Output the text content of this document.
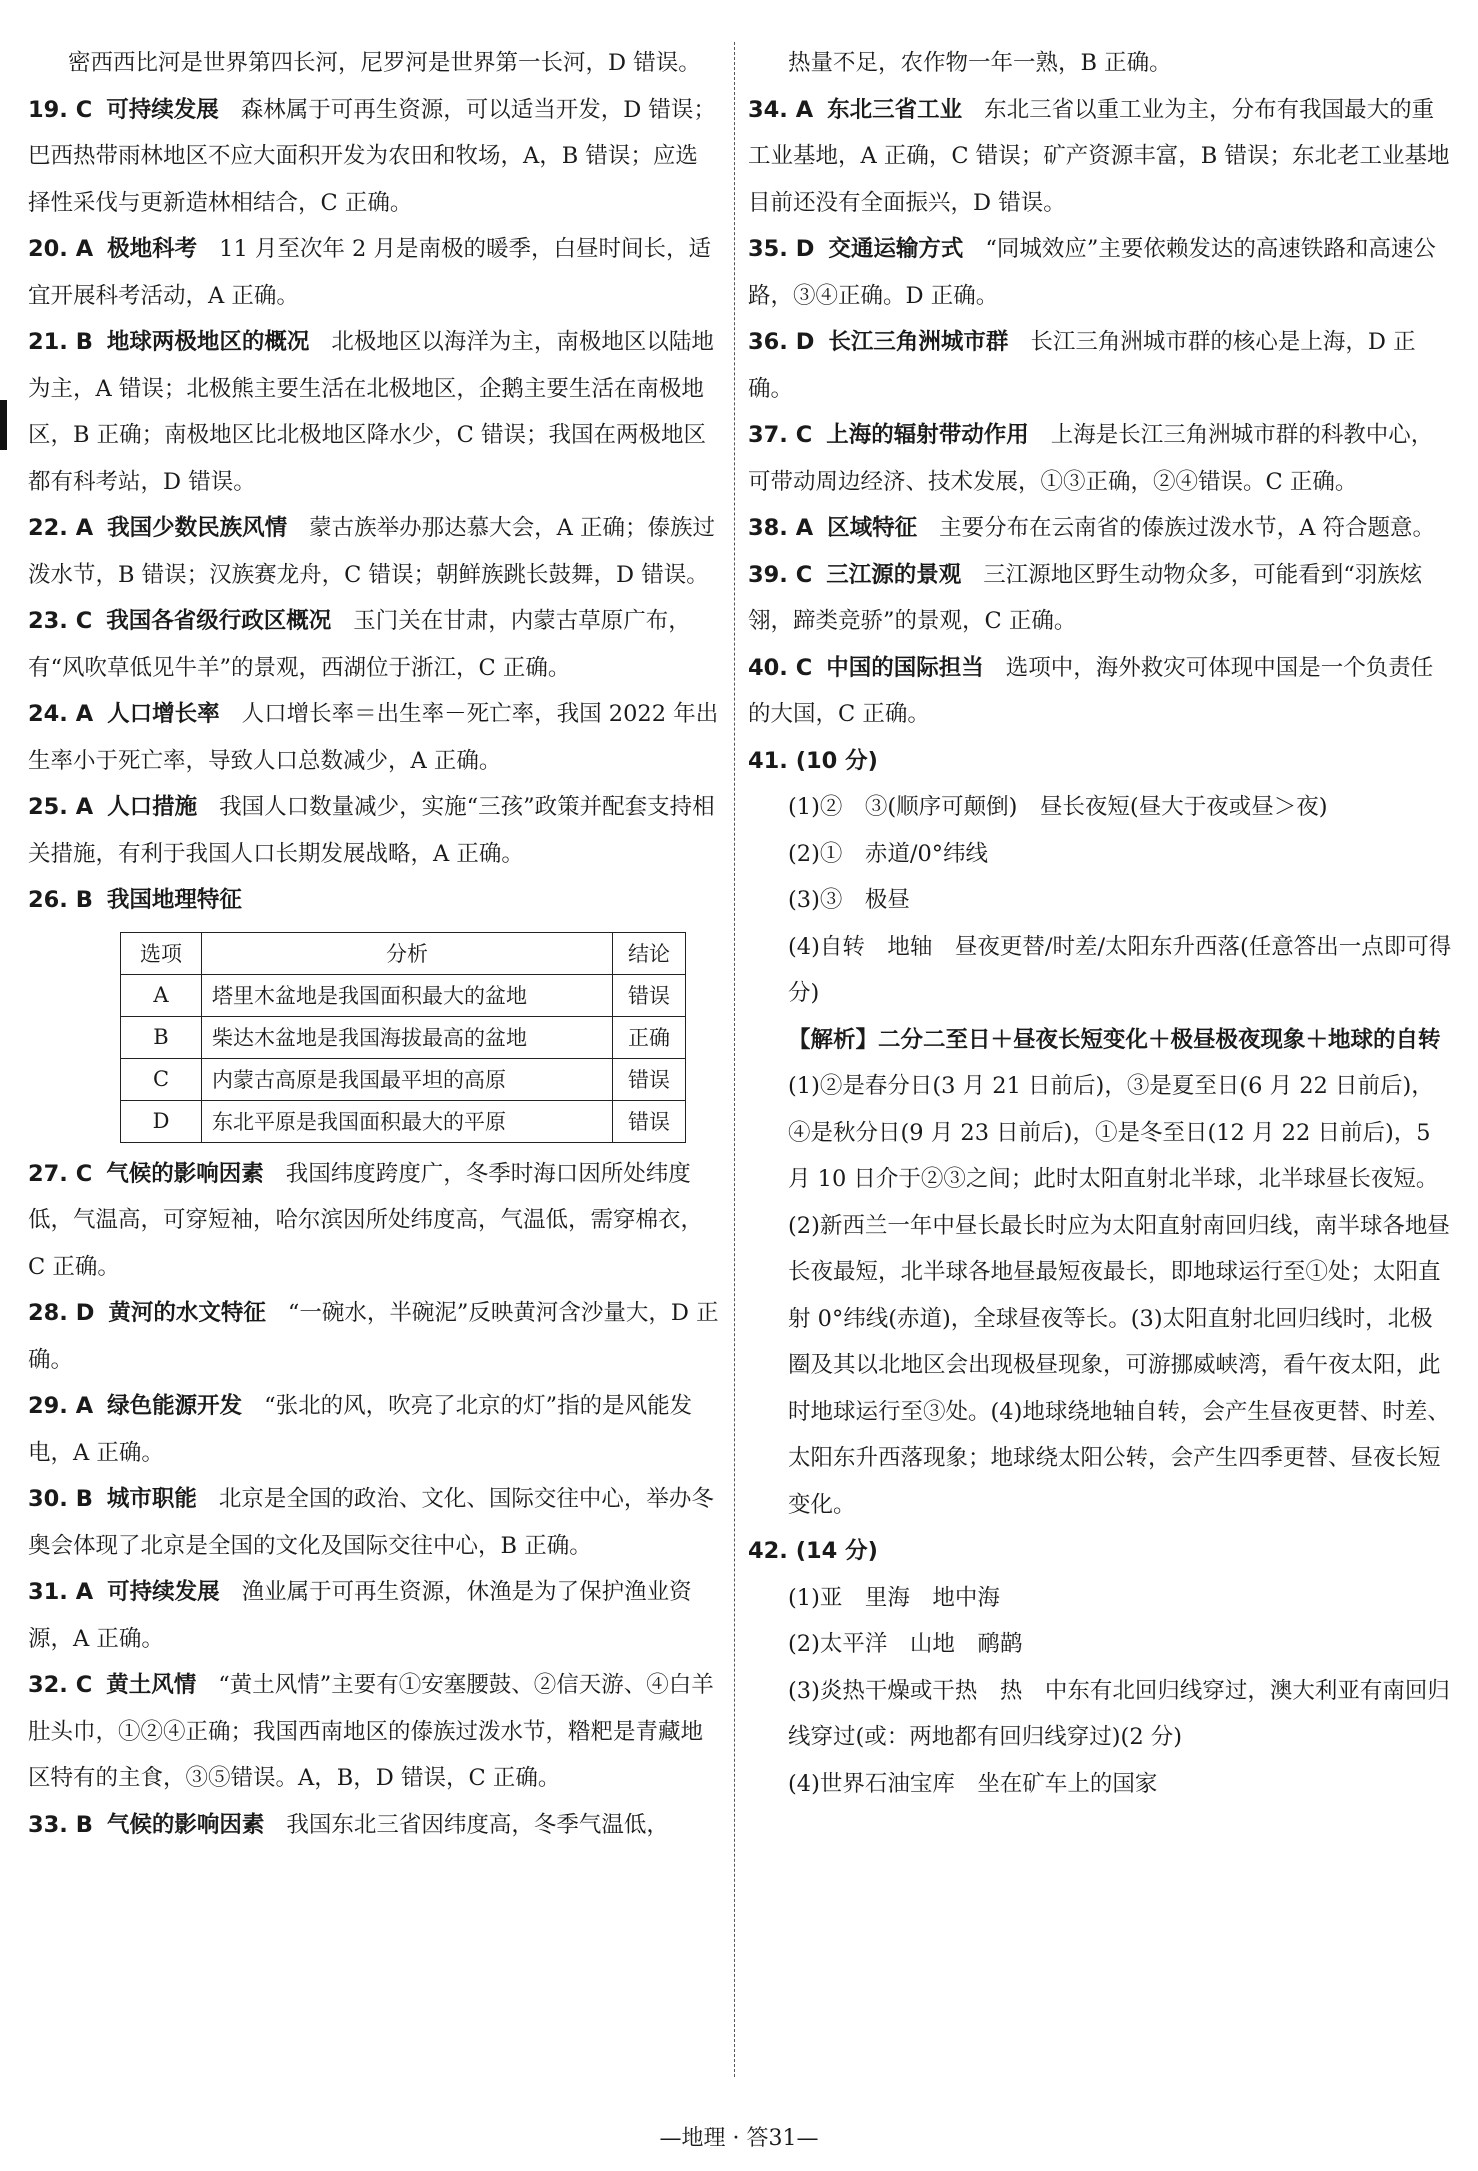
密西西比河是世界第四长河，尼罗河是世界第一长河，D 错误。
19. C 可持续发展 森林属于可再生资源，可以适当开发，D 错误；巴西热带雨林地区不应大面积开发为农田和牧场，A，B 错误；应选择性采伐与更新造林相结合，C 正确。
20. A 极地科考 11 月至次年 2 月是南极的暖季，白昼时间长，适宜开展科考活动，A 正确。
21. B 地球两极地区的概况 北极地区以海洋为主，南极地区以陆地为主，A 错误；北极熊主要生活在北极地区，企鹅主要生活在南极地区，B 正确；南极地区比北极地区降水少，C 错误；我国在两极地区都有科考站，D 错误。
22. A 我国少数民族风情 蒙古族举办那达慕大会，A 正确；傣族过泼水节，B 错误；汉族赛龙舟，C 错误；朝鲜族跳长鼓舞，D 错误。
23. C 我国各省级行政区概况 玉门关在甘肃，内蒙古草原广布，有“风吹草低见牛羊”的景观，西湖位于浙江，C 正确。
24. A 人口增长率 人口增长率＝出生率－死亡率，我国 2022 年出生率小于死亡率，导致人口总数减少，A 正确。
25. A 人口措施 我国人口数量减少，实施“三孩”政策并配套支持相关措施，有利于我国人口长期发展战略，A 正确。
26. B 我国地理特征
选项	分析	结论
A	塔里木盆地是我国面积最大的盆地	错误
B	柴达木盆地是我国海拔最高的盆地	正确
C	内蒙古高原是我国最平坦的高原	错误
D	东北平原是我国面积最大的平原	错误
27. C 气候的影响因素 我国纬度跨度广，冬季时海口因所处纬度低，气温高，可穿短袖，哈尔滨因所处纬度高，气温低，需穿棉衣，C 正确。
28. D 黄河的水文特征 “一碗水，半碗泥”反映黄河含沙量大，D 正确。
29. A 绿色能源开发 “张北的风，吹亮了北京的灯”指的是风能发电，A 正确。
30. B 城市职能 北京是全国的政治、文化、国际交往中心，举办冬奥会体现了北京是全国的文化及国际交往中心，B 正确。
31. A 可持续发展 渔业属于可再生资源，休渔是为了保护渔业资源，A 正确。
32. C 黄土风情 “黄土风情”主要有①安塞腰鼓、②信天游、④白羊肚头巾，①②④正确；我国西南地区的傣族过泼水节，糌粑是青藏地区特有的主食，③⑤错误。A，B，D 错误，C 正确。
33. B 气候的影响因素 我国东北三省因纬度高，冬季气温低，
热量不足，农作物一年一熟，B 正确。
34. A 东北三省工业 东北三省以重工业为主，分布有我国最大的重工业基地，A 正确，C 错误；矿产资源丰富，B 错误；东北老工业基地目前还没有全面振兴，D 错误。
35. D 交通运输方式 “同城效应”主要依赖发达的高速铁路和高速公路，③④正确。D 正确。
36. D 长江三角洲城市群 长江三角洲城市群的核心是上海，D 正确。
37. C 上海的辐射带动作用 上海是长江三角洲城市群的科教中心，可带动周边经济、技术发展，①③正确，②④错误。C 正确。
38. A 区域特征 主要分布在云南省的傣族过泼水节，A 符合题意。
39. C 三江源的景观 三江源地区野生动物众多，可能看到“羽族炫翎，蹄类竞骄”的景观，C 正确。
40. C 中国的国际担当 选项中，海外救灾可体现中国是一个负责任的大国，C 正确。
41. (10 分)
(1)②　③(顺序可颠倒)　昼长夜短(昼大于夜或昼＞夜)
(2)①　赤道/0°纬线
(3)③　极昼
(4)自转　地轴　昼夜更替/时差/太阳东升西落(任意答出一点即可得分)
【解析】二分二至日＋昼夜长短变化＋极昼极夜现象＋地球的自转　(1)②是春分日(3 月 21 日前后)，③是夏至日(6 月 22 日前后)，④是秋分日(9 月 23 日前后)，①是冬至日(12 月 22 日前后)，5 月 10 日介于②③之间；此时太阳直射北半球，北半球昼长夜短。(2)新西兰一年中昼长最长时应为太阳直射南回归线，南半球各地昼长夜最短，北半球各地昼最短夜最长，即地球运行至①处；太阳直射 0°纬线(赤道)，全球昼夜等长。(3)太阳直射北回归线时，北极圈及其以北地区会出现极昼现象，可游挪威峡湾，看午夜太阳，此时地球运行至③处。(4)地球绕地轴自转，会产生昼夜更替、时差、太阳东升西落现象；地球绕太阳公转，会产生四季更替、昼夜长短变化。
42. (14 分)
(1)亚　里海　地中海
(2)太平洋　山地　鸸鹋
(3)炎热干燥或干热　热　中东有北回归线穿过，澳大利亚有南回归线穿过(或：两地都有回归线穿过)(2 分)
(4)世界石油宝库　坐在矿车上的国家
—地理 · 答31—
